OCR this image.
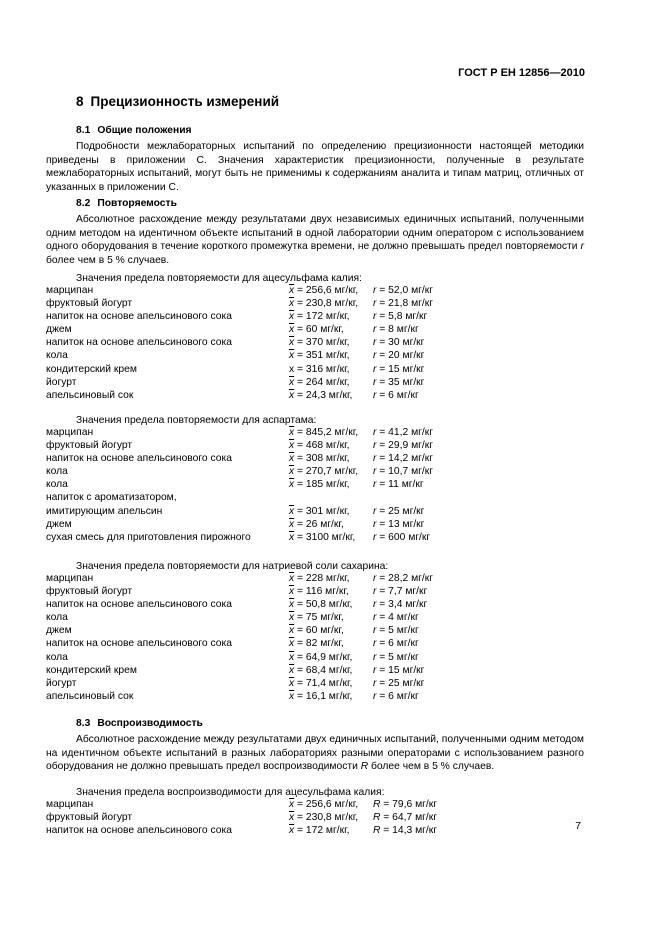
ГОСТ Р ЕН 12856—2010
8 Прецизионность измерений
8.1 Общие положения
Подробности межлабораторных испытаний по определению прецизионности настоящей методики приведены в приложении С. Значения характеристик прецизионности, полученные в результате межлабораторных испытаний, могут быть не применимы к содержаниям аналита и типам матриц, отличных от указанных в приложении С.
8.2 Повторяемость
Абсолютное расхождение между результатами двух независимых единичных испытаний, полученными одним методом на идентичном объекте испытаний в одной лаборатории одним оператором с использованием одного оборудования в течение короткого промежутка времени, не должно превышать предел повторяемости r более чем в 5 % случаев.
Значения предела повторяемости для ацесульфама калия:
марципан	$\overline{x} = 256,6$ мг/кг, r = 52,0 мг/кг
фруктовый йогурт	$\overline{x} = 230,8$ мг/кг, r = 21,8 мг/кг
напиток на основе апельсинового сока	$\overline{x} = 172$ мг/кг, r = 5,8 мг/кг
джем	$\overline{x} = 60$ мг/кг,	r = 8 мг/кг
напиток на основе апельсинового сока	$\overline{x} = 370$ мг/кг, r = 30 мг/кг
кола	$\overline{x} = 351$ мг/кг, r = 20 мг/кг
кондитерский крем	x = 316 мг/кг, r = 15 мг/кг
йогурт	$\overline{x} = 264$ мг/кг, r = 35 мг/кг
апельсиновый сок	$\overline{x} = 24,3$ мг/кг, r = 6 мг/кг
Значения предела повторяемости для аспартама:
марципан	$\overline{x} = 845,2$ мг/кг, r = 41,2 мг/кг
фруктовый йогурт	$\overline{x} = 468$ мг/кг, r = 29,9 мг/кг
напиток на основе апельсинового сока	$\overline{x} = 308$ мг/кг, r = 14,2 мг/кг
кола	$\overline{x} = 270,7$ мг/кг, r = 10,7 мг/кг
кола	$\overline{x} = 185$ мг/кг, r = 11 мг/кг
напиток с ароматизатором,
имитирующим апельсин	$\overline{x} = 301$ мг/кг, r = 25 мг/кг
джем	$\overline{x} = 26$ мг/кг,	r = 13 мг/кг
сухая смесь для приготовления пирожного	$\overline{x} = 3100$ мг/кг, r = 600 мг/кг
Значения предела повторяемости для натриевой соли сахарина:
марципан	$\overline{x} = 228$ мг/кг, r = 28,2 мг/кг
фруктовый йогурт	$\overline{x} = 116$ мг/кг, r = 7,7 мг/кг
напиток на основе апельсинового сока	$\overline{x} = 50,8$ мг/кг, r = 3,4 мг/кг
кола	$\overline{x} = 75$ мг/кг,	r = 4 мг/кг
джем	$\overline{x} = 60$ мг/кг,	r = 5 мг/кг
напиток на основе апельсинового сока	$\overline{x} = 82$ мг/кг,	r = 6 мг/кг
кола	$\overline{x} = 64,9$ мг/кг, r = 5 мг/кг
кондитерский крем	$\overline{x} = 68,4$ мг/кг, r = 15 мг/кг
йогурт	$\overline{x} = 71,4$ мг/кг, r = 25 мг/кг
апельсиновый сок	$\overline{x} = 16,1$ мг/кг, r = 6 мг/кг
8.3 Воспроизводимость
Абсолютное расхождение между результатами двух единичных испытаний, полученными одним методом на идентичном объекте испытаний в разных лабораториях разными операторами с использованием разного оборудования не должно превышать предел воспроизводимости R более чем в 5 % случаев.
Значения предела воспроизводимости для ацесульфама калия:
марципан	$\overline{x} = 256,6$ мг/кг, R = 79,6 мг/кг
фруктовый йогурт	$\overline{x} = 230,8$ мг/кг, R = 64,7 мг/кг
напиток на основе апельсинового сока	$\overline{x} = 172$ мг/кг, R = 14,3 мг/кг	7
